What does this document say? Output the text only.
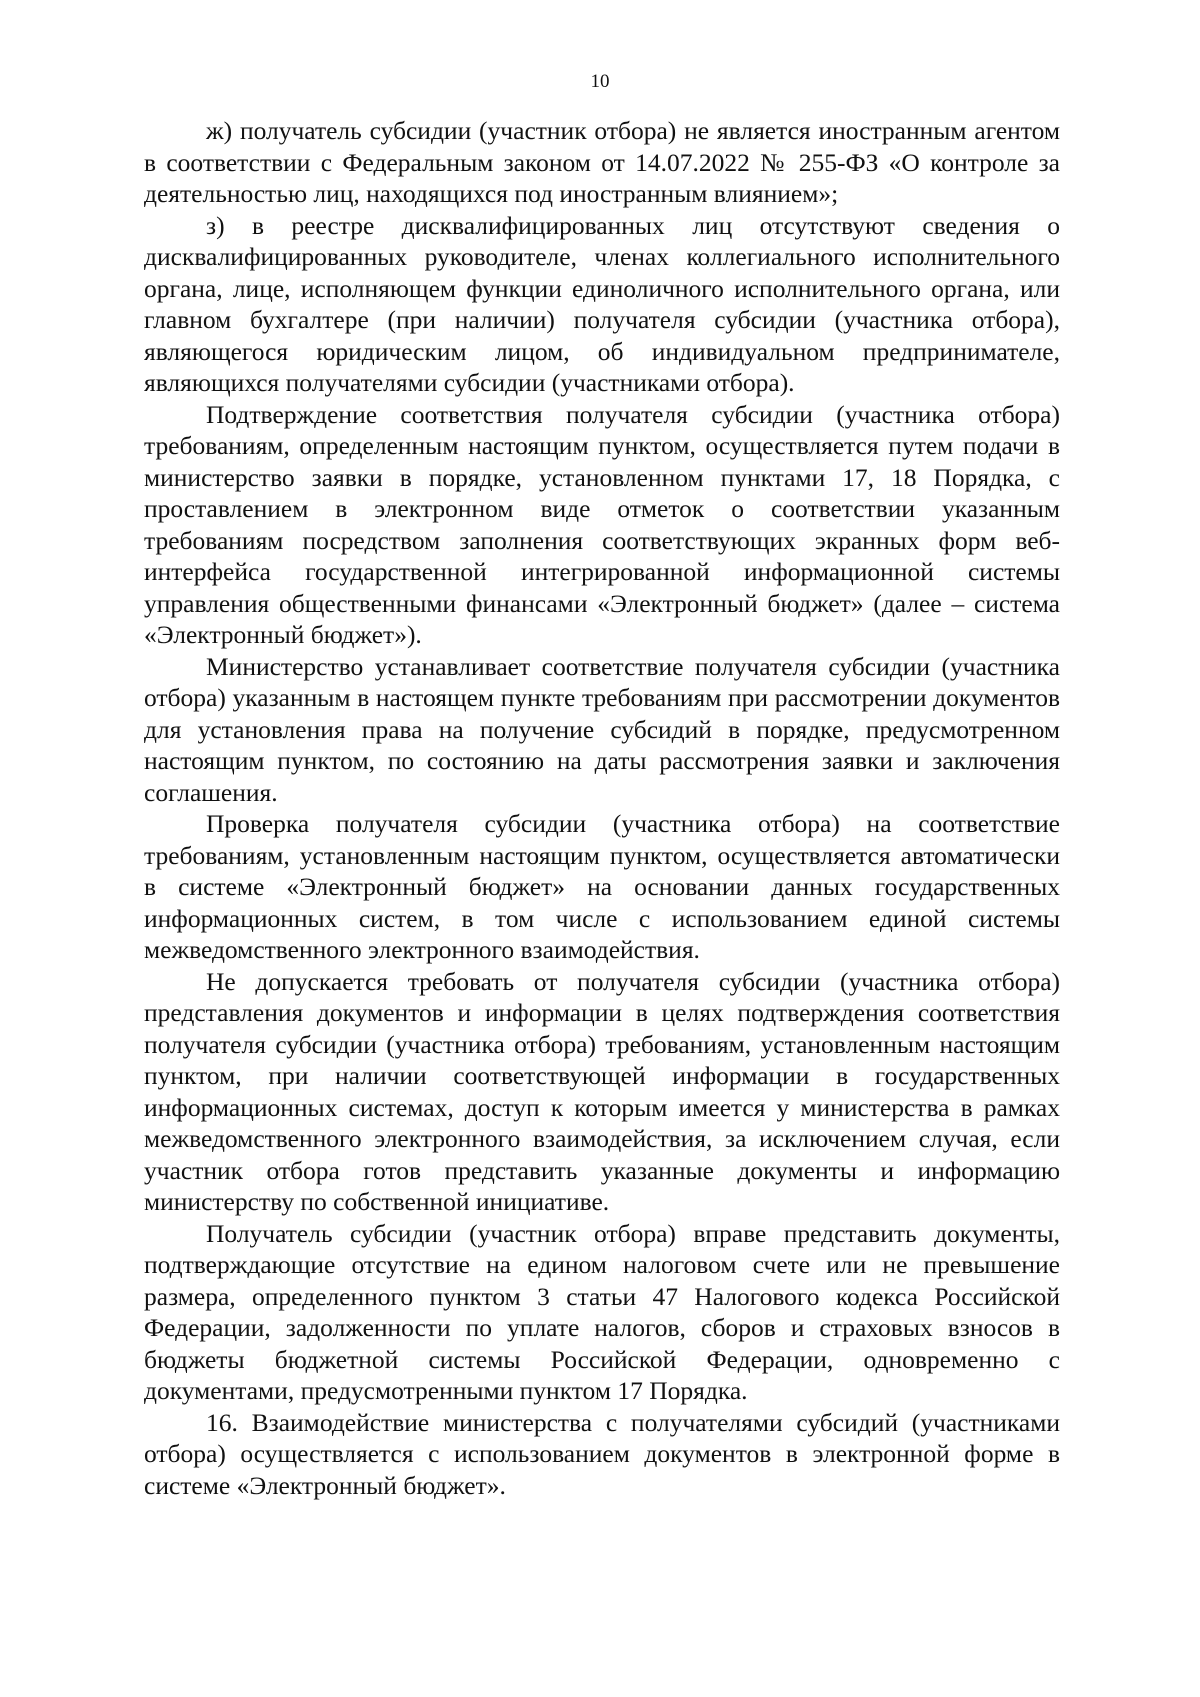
10

ж) получатель субсидии (участник отбора) не является иностранным агентом в соответствии с Федеральным законом от 14.07.2022 № 255-ФЗ «О контроле за деятельностью лиц, находящихся под иностранным влиянием»;

з) в реестре дисквалифицированных лиц отсутствуют сведения о дисквалифицированных руководителе, членах коллегиального исполнительного органа, лице, исполняющем функции единоличного исполнительного органа, или главном бухгалтере (при наличии) получателя субсидии (участника отбора), являющегося юридическим лицом, об индивидуальном предпринимателе, являющихся получателями субсидии (участниками отбора).

Подтверждение соответствия получателя субсидии (участника отбора) требованиям, определенным настоящим пунктом, осуществляется путем подачи в министерство заявки в порядке, установленном пунктами 17, 18 Порядка, с проставлением в электронном виде отметок о соответствии указанным требованиям посредством заполнения соответствующих экранных форм веб-интерфейса государственной интегрированной информационной системы управления общественными финансами «Электронный бюджет» (далее – система «Электронный бюджет»).

Министерство устанавливает соответствие получателя субсидии (участника отбора) указанным в настоящем пункте требованиям при рассмотрении документов для установления права на получение субсидий в порядке, предусмотренном настоящим пунктом, по состоянию на даты рассмотрения заявки и заключения соглашения.

Проверка получателя субсидии (участника отбора) на соответствие требованиям, установленным настоящим пунктом, осуществляется автоматически в системе «Электронный бюджет» на основании данных государственных информационных систем, в том числе с использованием единой системы межведомственного электронного взаимодействия.

Не допускается требовать от получателя субсидии (участника отбора) представления документов и информации в целях подтверждения соответствия получателя субсидии (участника отбора) требованиям, установленным настоящим пунктом, при наличии соответствующей информации в государственных информационных системах, доступ к которым имеется у министерства в рамках межведомственного электронного взаимодействия, за исключением случая, если участник отбора готов представить указанные документы и информацию министерству по собственной инициативе.

Получатель субсидии (участник отбора) вправе представить документы, подтверждающие отсутствие на едином налоговом счете или не превышение размера, определенного пунктом 3 статьи 47 Налогового кодекса Российской Федерации, задолженности по уплате налогов, сборов и страховых взносов в бюджеты бюджетной системы Российской Федерации, одновременно с документами, предусмотренными пунктом 17 Порядка.

16. Взаимодействие министерства с получателями субсидий (участниками отбора) осуществляется с использованием документов в электронной форме в системе «Электронный бюджет».
